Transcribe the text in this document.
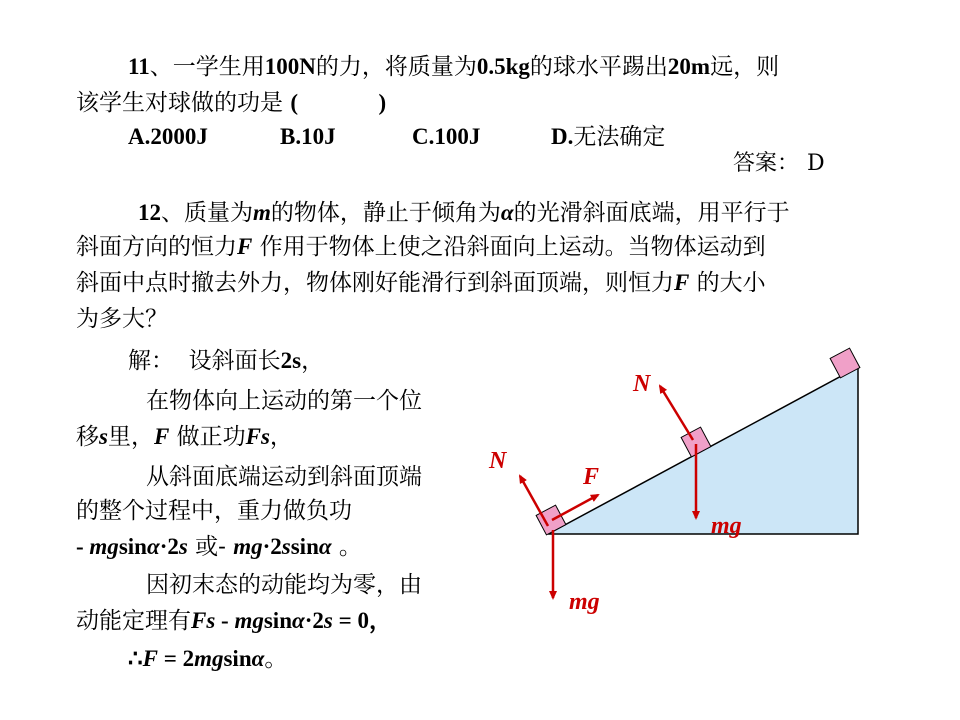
11、一学生用100N的力，将质量为0.5kg的球水平踢出20m远，则
该学生对球做的功是 (              )
A.2000J	B.10J	C.100J	D.无法确定
答案： D
12、质量为m的物体，静止于倾角为α的光滑斜面底端，用平行于
斜面方向的恒力F 作用于物体上使之沿斜面向上运动。当物体运动到
斜面中点时撤去外力，物体刚好能滑行到斜面顶端，则恒力F 的大小
为多大？
解：  设斜面长2s，
在物体向上运动的第一个位
移s里，F 做正功Fs，
从斜面底端运动到斜面顶端
的整个过程中，重力做负功
- mgsinα·2s 或- mg·2ssinα 。
因初末态的动能均为零，由
动能定理有Fs - mgsinα·2s = 0，
∴F = 2mgsinα。
N
N
F
mg
mg
